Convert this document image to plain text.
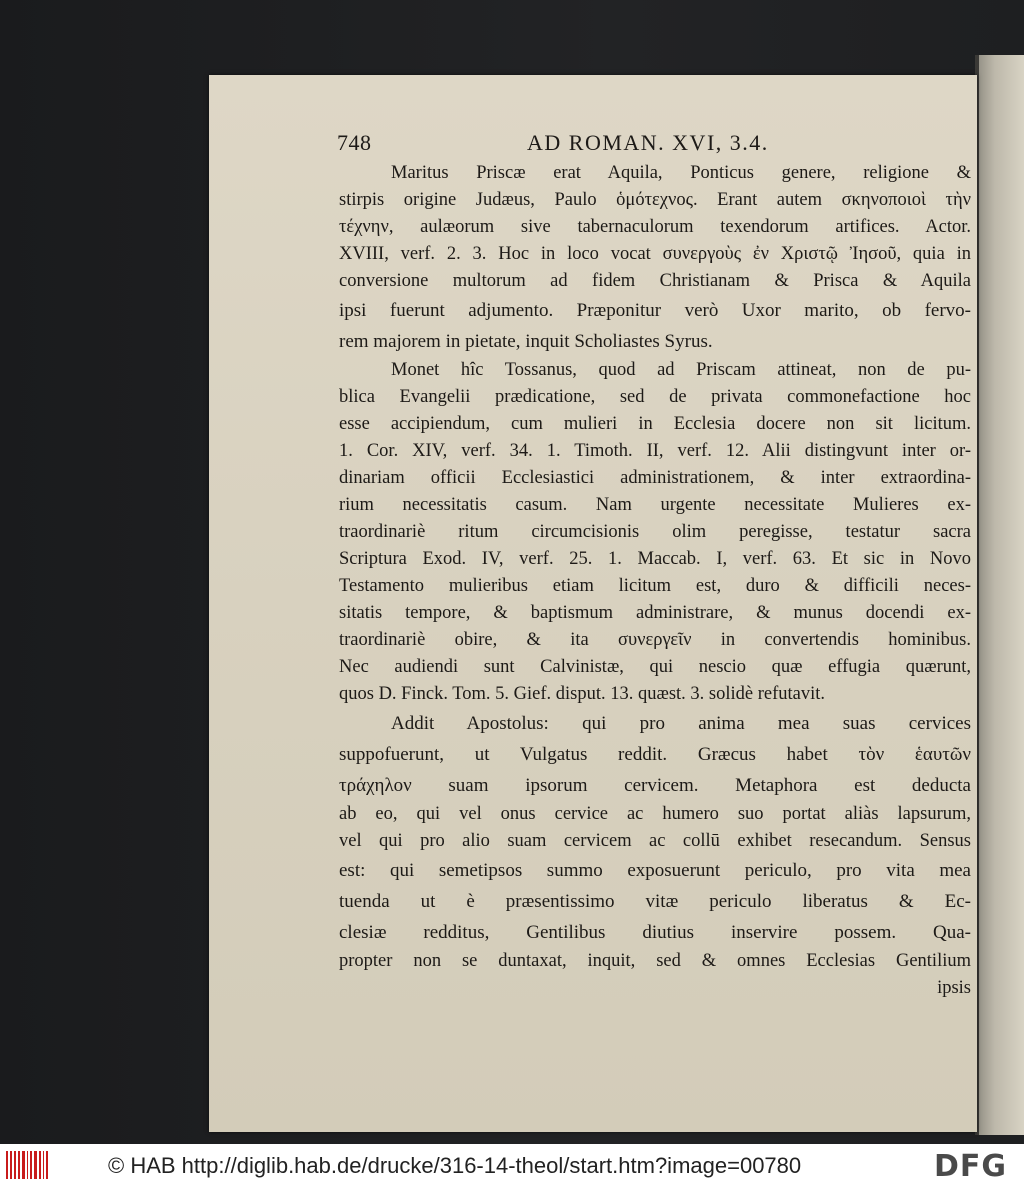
748	AD ROMAN. XVI, 3.4.
Maritus Priscæ erat Aquila, Ponticus genere, religione &
stirpis origine Judæus, Paulo ὁμότεχνος. Erant autem σκηνοποιοὶ τὴν
τέχνην, aulæorum sive tabernaculorum texendorum artifices. Actor.
XVIII, verf. 2. 3. Hoc in loco vocat συνεργοὺς ἐν Χριστῷ Ἰησοῦ, quia in
conversione multorum ad fidem Christianam & Prisca & Aquila
ipsi fuerunt adjumento. Præponitur verò Uxor marito, ob fervo-
rem majorem in pietate, inquit Scholiastes Syrus.
Monet hîc Tossanus, quod ad Priscam attineat, non de pu-
blica Evangelii prædicatione, sed de privata commonefactione hoc
esse accipiendum, cum mulieri in Ecclesia docere non sit licitum.
1. Cor. XIV, verf. 34. 1. Timoth. II, verf. 12. Alii distingvunt inter or-
dinariam officii Ecclesiastici administrationem, & inter extraordina-
rium necessitatis casum. Nam urgente necessitate Mulieres ex-
traordinariè ritum circumcisionis olim peregisse, testatur sacra
Scriptura Exod. IV, verf. 25. 1. Maccab. I, verf. 63. Et sic in Novo
Testamento mulieribus etiam licitum est, duro & difficili neces-
sitatis tempore, & baptismum administrare, & munus docendi ex-
traordinariè obire, & ita συνεργεῖν in convertendis hominibus.
Nec audiendi sunt Calvinistæ, qui nescio quæ effugia quærunt,
quos D. Finck. Tom. 5. Gief. disput. 13. quæst. 3. solidè refutavit.
Addit Apostolus: qui pro anima mea suas cervices
suppofuerunt, ut Vulgatus reddit. Græcus habet τὸν ἑαυτῶν
τράχηλον suam ipsorum cervicem. Metaphora est deducta
ab eo, qui vel onus cervice ac humero suo portat aliàs lapsurum,
vel qui pro alio suam cervicem ac collū exhibet resecandum. Sensus
est: qui semetipsos summo exposuerunt periculo, pro vita mea
tuenda ut è præsentissimo vitæ periculo liberatus & Ec-
clesiæ redditus, Gentilibus diutius inservire possem. Qua-
propter non se duntaxat, inquit, sed & omnes Ecclesias Gentilium
ipsis
© HAB http://diglib.hab.de/drucke/316-14-theol/start.htm?image=00780	DFG
